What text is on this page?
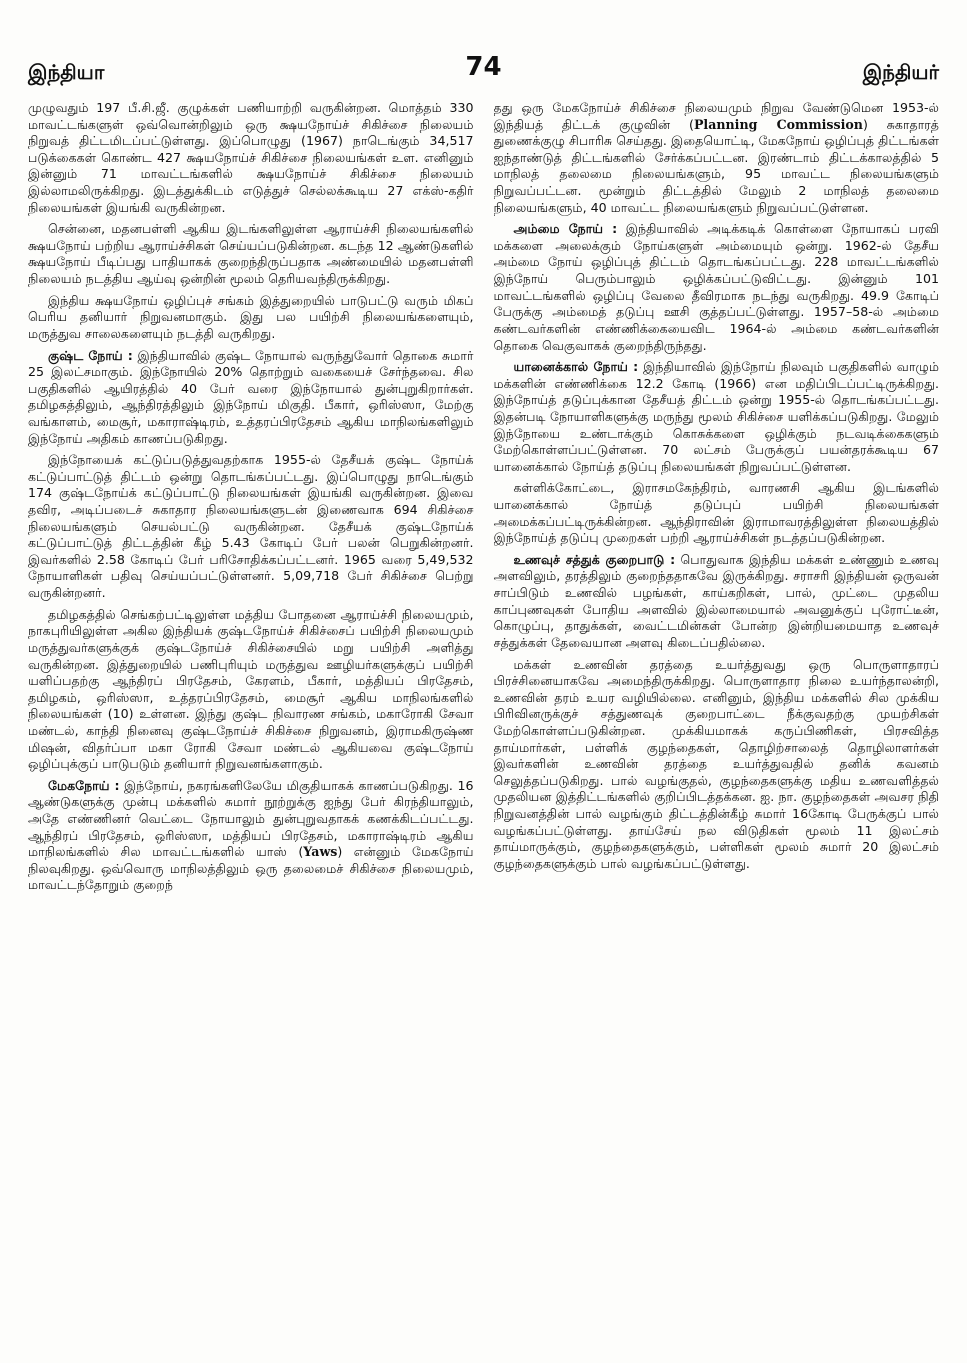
இந்தியா	74	இந்தியர்

முழுவதும் 197 பீ.சி.ஜீ. குழுக்கள் பணியாற்றி வருகின்றன. மொத்தம் 330 மாவட்டங்களுள் ஒவ்வொன்றிலும் ஒரு க்ஷயநோய்ச் சிகிச்சை நிலையம் நிறுவத் திட்டமிடப்பட்டுள்ளது. இப்பொழுது (1967) நாடெங்கும் 34,517 படுக்கைகள் கொண்ட 427 க்ஷயநோய்ச் சிகிச்சை நிலையங்கள் உள. எனினும் இன்னும் 71 மாவட்டங்களில் க்ஷயநோய்ச் சிகிச்சை நிலையம் இல்லாமலிருக்கிறது. இடத்துக்கிடம் எடுத்துச் செல்லக்கூடிய 27 எக்ஸ்-கதிர் நிலையங்கள் இயங்கி வருகின்றன.

சென்னை, மதனபள்ளி ஆகிய இடங்களிலுள்ள ஆராய்ச்சி நிலையங்களில் க்ஷயநோய் பற்றிய ஆராய்ச்சிகள் செய்யப்படுகின்றன. கடந்த 12 ஆண்டுகளில் க்ஷயநோய் பீடிப்பது பாதியாகக் குறைந்திருப்பதாக அண்மையில் மதனபள்ளி நிலையம் நடத்திய ஆய்வு ஒன்றின் மூலம் தெரியவந்திருக்கிறது.

இந்திய க்ஷயநோய் ஒழிப்புச் சங்கம் இத்துறையில் பாடுபட்டு வரும் மிகப் பெரிய தனியார் நிறுவனமாகும். இது பல பயிற்சி நிலையங்களையும், மருத்துவ சாலைகளையும் நடத்தி வருகிறது.

குஷ்ட நோய் : இந்தியாவில் குஷ்ட நோயால் வருந்துவோர் தொகை சுமார் 25 இலட்சமாகும். இந்நோயில் 20% தொற்றும் வகையைச் சேர்ந்தவை. சில பகுதிகளில் ஆயிரத்தில் 40 பேர் வரை இந்நோயால் துன்புறுகிறார்கள். தமிழகத்திலும், ஆந்திரத்திலும் இந்நோய் மிகுதி. பீகார், ஒரிஸ்ஸா, மேற்கு வங்காளம், மைசூர், மகாராஷ்டிரம், உத்தரப்பிரதேசம் ஆகிய மாநிலங்களிலும் இந்நோய் அதிகம் காணப்படுகிறது.

இந்நோயைக் கட்டுப்படுத்துவதற்காக 1955-ல் தேசீயக் குஷ்ட நோய்க் கட்டுப்பாட்டுத் திட்டம் ஒன்று தொடங்கப்பட்டது. இப்பொழுது நாடெங்கும் 174 குஷ்டநோய்க் கட்டுப்பாட்டு நிலையங்கள் இயங்கி வருகின்றன. இவை தவிர, அடிப்படைச் சுகாதார நிலையங்களுடன் இணைவாக 694 சிகிச்சை நிலையங்களும் செயல்பட்டு வருகின்றன. தேசீயக் குஷ்டநோய்க் கட்டுப்பாட்டுத் திட்டத்தின் கீழ் 5.43 கோடிப் பேர் பலன் பெறுகின்றனர். இவர்களில் 2.58 கோடிப் பேர் பரிசோதிக்கப்பட்டனர். 1965 வரை 5,49,532 நோயாளிகள் பதிவு செய்யப்பட்டுள்ளனர். 5,09,718 பேர் சிகிச்சை பெற்று வருகின்றனர்.

தமிழகத்தில் செங்கற்பட்டிலுள்ள மத்திய போதனை ஆராய்ச்சி நிலையமும், நாகபுரியிலுள்ள அகில இந்தியக் குஷ்டநோய்ச் சிகிச்சைப் பயிற்சி நிலையமும் மருத்துவர்களுக்குக் குஷ்டநோய்ச் சிகிச்சையில் மறு பயிற்சி அளித்து வருகின்றன. இத்துறையில் பணிபுரியும் மருத்துவ ஊழியர்களுக்குப் பயிற்சி யளிப்பதற்கு ஆந்திரப் பிரதேசம், கேரளம், பீகார், மத்தியப் பிரதேசம், தமிழகம், ஒரிஸ்ஸா, உத்தரப்பிரதேசம், மைசூர் ஆகிய மாநிலங்களில் நிலையங்கள் (10) உள்ளன. இந்து குஷ்ட நிவாரண சங்கம், மகாரோகி சேவா மண்டல், காந்தி நினைவு குஷ்டநோய்ச் சிகிச்சை நிறுவனம், இராமகிருஷ்ண மிஷன், விதர்ப்பா மகா ரோகி சேவா மண்டல் ஆகியவை குஷ்டநோய் ஒழிப்புக்குப் பாடுபடும் தனியார் நிறுவனங்களாகும்.

மேகநோய் : இந்நோய், நகரங்களிலேயே மிகுதியாகக் காணப்படுகிறது. 16 ஆண்டுகளுக்கு முன்பு மக்களில் சுமார் நூற்றுக்கு ஐந்து பேர் கிரந்தியாலும், அதே எண்ணினர் வெட்டை நோயாலும் துன்புறுவதாகக் கணக்கிடப்பட்டது. ஆந்திரப் பிரதேசம், ஒரிஸ்ஸா, மத்தியப் பிரதேசம், மகாராஷ்டிரம் ஆகிய மாநிலங்களில் சில மாவட்டங்களில் யாஸ் (Yaws) என்னும் மேகநோய் நிலவுகிறது. ஒவ்வொரு மாநிலத்திலும் ஒரு தலைமைச் சிகிச்சை நிலையமும், மாவட்டந்தோறும் குறைந்

தது ஒரு மேகநோய்ச் சிகிச்சை நிலையமும் நிறுவ வேண்டுமென 1953-ல் இந்தியத் திட்டக் குழுவின் (Planning Commission) சுகாதாரத் துணைக்குழு சிபாரிசு செய்தது. இதையொட்டி, மேகநோய் ஒழிப்புத் திட்டங்கள் ஐந்தாண்டுத் திட்டங்களில் சேர்க்கப்பட்டன. இரண்டாம் திட்டக்காலத்தில் 5 மாநிலத் தலைமை நிலையங்களும், 95 மாவட்ட நிலையங்களும் நிறுவப்பட்டன. மூன்றும் திட்டத்தில் மேலும் 2 மாநிலத் தலைமை நிலையங்களும், 40 மாவட்ட நிலையங்களும் நிறுவப்பட்டுள்ளன.

அம்மை நோய் : இந்தியாவில் அடிக்கடிக் கொள்ளை நோயாகப் பரவி மக்களை அலைக்கும் நோய்களுள் அம்மையும் ஒன்று. 1962-ல் தேசீய அம்மை நோய் ஒழிப்புத் திட்டம் தொடங்கப்பட்டது. 228 மாவட்டங்களில் இந்நோய் பெரும்பாலும் ஒழிக்கப்பட்டுவிட்டது. இன்னும் 101 மாவட்டங்களில் ஒழிப்பு வேலை தீவிரமாக நடந்து வருகிறது. 49.9 கோடிப் பேருக்கு அம்மைத் தடுப்பு ஊசி குத்தப்பட்டுள்ளது. 1957–58-ல் அம்மை கண்டவர்களின் எண்ணிக்கையைவிட 1964-ல் அம்மை கண்டவர்களின் தொகை வெகுவாகக் குறைந்திருந்தது.

யானைக்கால் நோய் : இந்தியாவில் இந்நோய் நிலவும் பகுதிகளில் வாழும் மக்களின் எண்ணிக்கை 12.2 கோடி (1966) என மதிப்பிடப்பட்டிருக்கிறது. இந்நோய்த் தடுப்புக்கான தேசீயத் திட்டம் ஒன்று 1955-ல் தொடங்கப்பட்டது. இதன்படி நோயாளிகளுக்கு மருந்து மூலம் சிகிச்சை யளிக்கப்படுகிறது. மேலும் இந்நோயை உண்டாக்கும் கொசுக்களை ஒழிக்கும் நடவடிக்கைகளும் மேற்கொள்ளப்பட்டுள்ளன. 70 லட்சம் பேருக்குப் பயன்தரக்கூடிய 67 யானைக்கால் நோய்த் தடுப்பு நிலையங்கள் நிறுவப்பட்டுள்ளன.

கள்ளிக்கோட்டை, இராசமகேந்திரம், வாரணசி ஆகிய இடங்களில் யானைக்கால் நோய்த் தடுப்புப் பயிற்சி நிலையங்கள் அமைக்கப்பட்டிருக்கின்றன. ஆந்திராவின் இராமாவரத்திலுள்ள நிலையத்தில் இந்நோய்த் தடுப்பு முறைகள் பற்றி ஆராய்ச்சிகள் நடத்தப்படுகின்றன.

உணவுச் சத்துக் குறைபாடு : பொதுவாக இந்திய மக்கள் உண்ணும் உணவு அளவிலும், தரத்திலும் குறைந்ததாகவே இருக்கிறது. சராசரி இந்தியன் ஒருவன் சாப்பிடும் உணவில் பழங்கள், காய்கறிகள், பால், முட்டை முதலிய காப்புணவுகள் போதிய அளவில் இல்லாமையால் அவனுக்குப் புரோட்டீன், கொழுப்பு, தாதுக்கள், வைட்டமின்கள் போன்ற இன்றியமையாத உணவுச் சத்துக்கள் தேவையான அளவு கிடைப்பதில்லை.

மக்கள் உணவின் தரத்தை உயர்த்துவது ஒரு பொருளாதாரப் பிரச்சினையாகவே அமைந்திருக்கிறது. பொருளாதார நிலை உயர்ந்தாலன்றி, உணவின் தரம் உயர வழியில்லை. எனினும், இந்திய மக்களில் சில முக்கிய பிரிவினருக்குச் சத்துணவுக் குறைபாட்டை நீக்குவதற்கு முயற்சிகள் மேற்கொள்ளப்படுகின்றன. முக்கியமாகக் கருப்பிணிகள், பிரசவித்த தாய்மார்கள், பள்ளிக் குழந்தைகள், தொழிற்சாலைத் தொழிலாளர்கள் இவர்களின் உணவின் தரத்தை உயர்த்துவதில் தனிக் கவனம் செலுத்தப்படுகிறது. பால் வழங்குதல், குழந்தைகளுக்கு மதிய உணவளித்தல் முதலியன இத்திட்டங்களில் குறிப்பிடத்தக்கன. ஐ. நா. குழந்தைகள் அவசர நிதி நிறுவனத்தின் பால் வழங்கும் திட்டத்தின்கீழ் சுமார் 16கோடி பேருக்குப் பால் வழங்கப்பட்டுள்ளது. தாய்சேய் நல விடுதிகள் மூலம் 11 இலட்சம் தாய்மாருக்கும், குழந்தைகளுக்கும், பள்ளிகள் மூலம் சுமார் 20 இலட்சம் குழந்தைகளுக்கும் பால் வழங்கப்பட்டுள்ளது.
